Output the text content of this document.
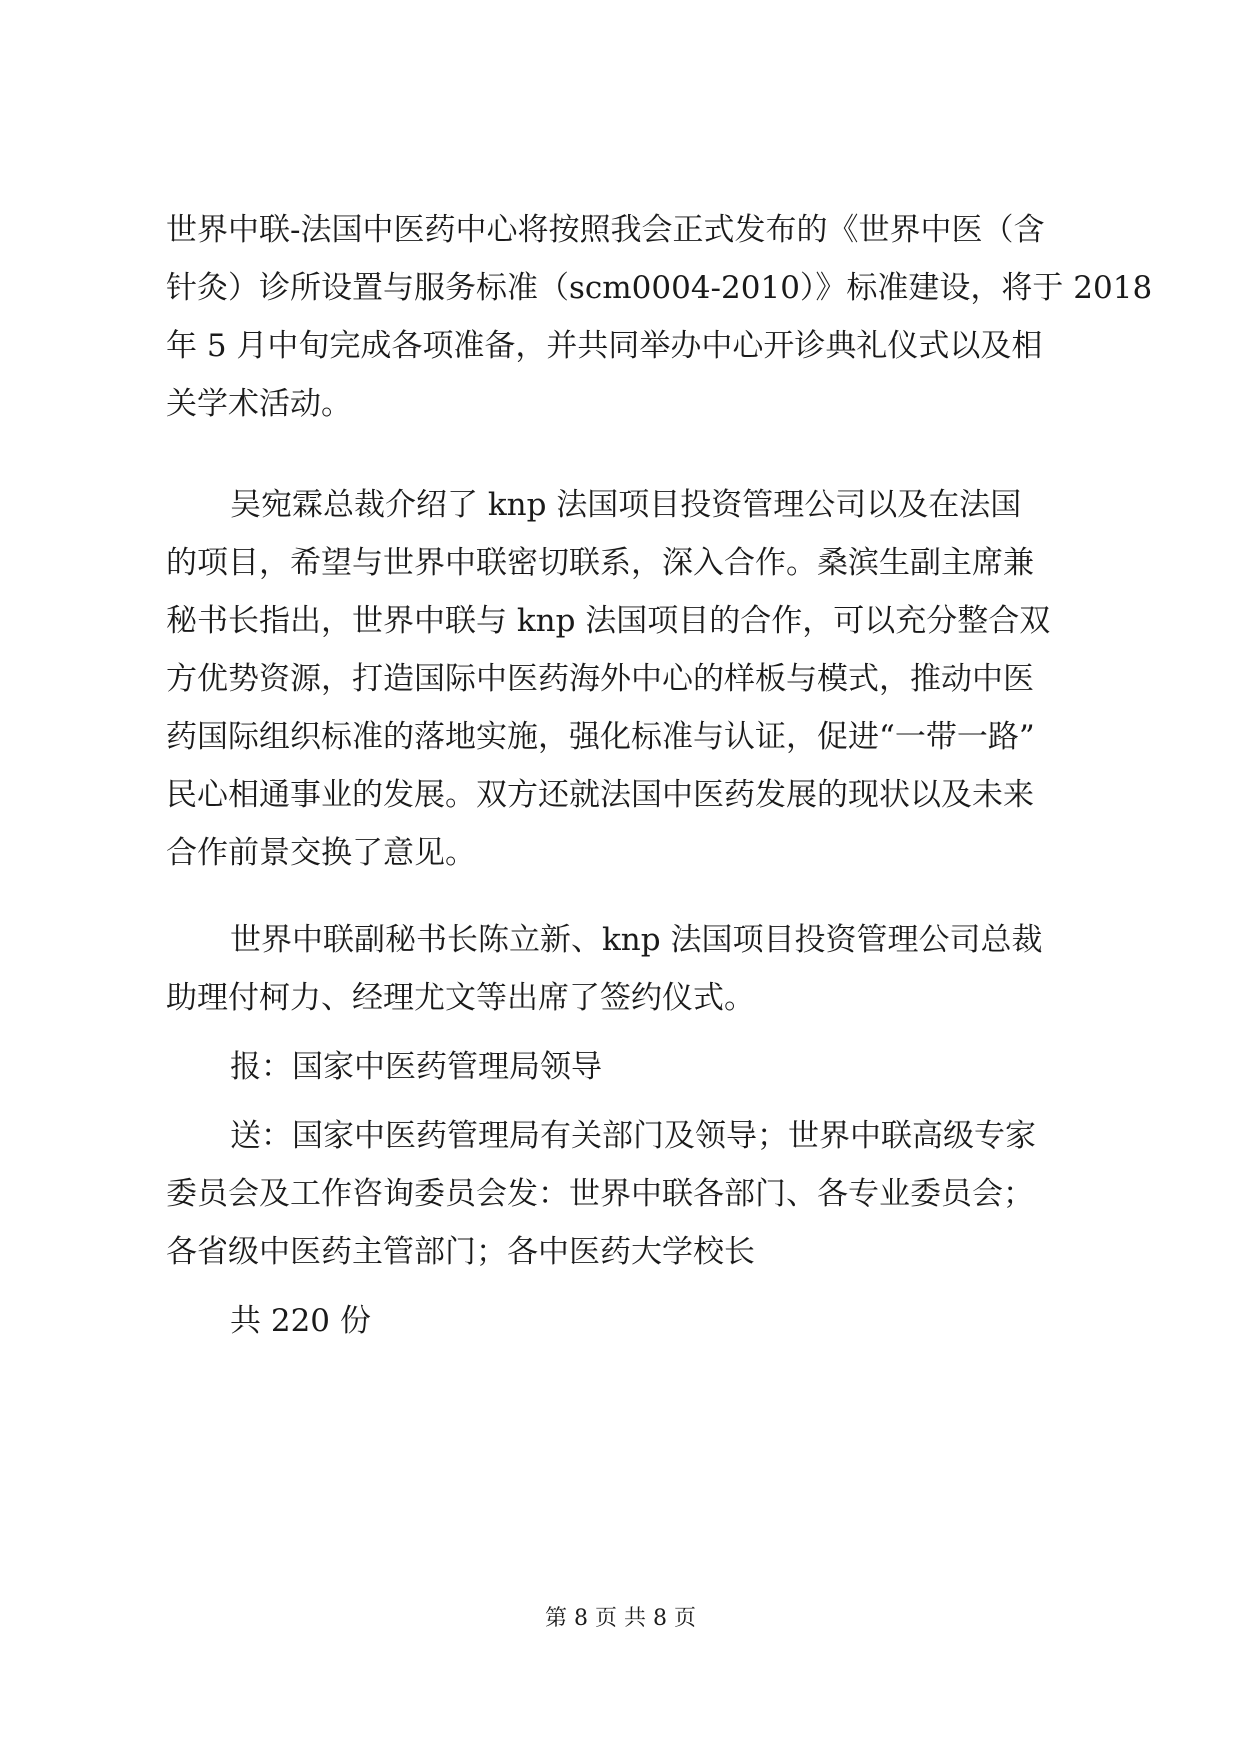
世界中联-法国中医药中心将按照我会正式发布的《世界中医（含
针灸）诊所设置与服务标准（scm0004-2010）》标准建设，将于 2018
年 5 月中旬完成各项准备，并共同举办中心开诊典礼仪式以及相
关学术活动。
吴宛霖总裁介绍了 knp 法国项目投资管理公司以及在法国
的项目，希望与世界中联密切联系，深入合作。桑滨生副主席兼
秘书长指出，世界中联与 knp 法国项目的合作，可以充分整合双
方优势资源，打造国际中医药海外中心的样板与模式，推动中医
药国际组织标准的落地实施，强化标准与认证，促进“一带一路”
民心相通事业的发展。双方还就法国中医药发展的现状以及未来
合作前景交换了意见。
世界中联副秘书长陈立新、knp 法国项目投资管理公司总裁
助理付柯力、经理尤文等出席了签约仪式。
报：国家中医药管理局领导
送：国家中医药管理局有关部门及领导；世界中联高级专家
委员会及工作咨询委员会发：世界中联各部门、各专业委员会；
各省级中医药主管部门；各中医药大学校长
共 220 份
第 8 页 共 8 页
